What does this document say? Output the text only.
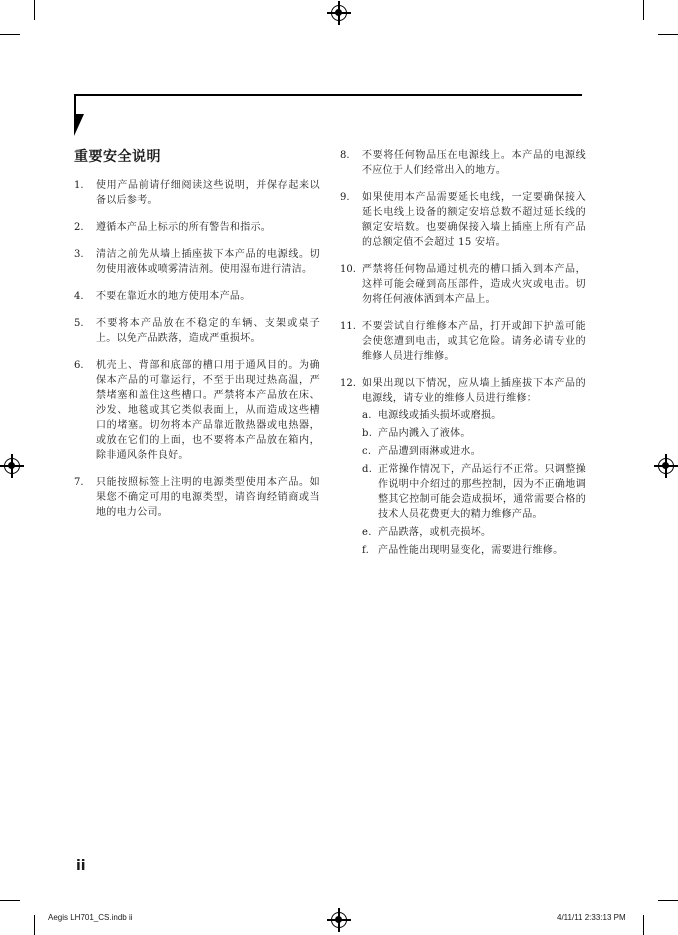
重要安全说明
1.	使用产品前请仔细阅读这些说明，并保存起来以备以后参考。
2.	遵循本产品上标示的所有警告和指示。
3.	清洁之前先从墙上插座拔下本产品的电源线。切勿使用液体或喷雾清洁剂。使用湿布进行清洁。
4.	不要在靠近水的地方使用本产品。
5.	不要将本产品放在不稳定的车辆、支架或桌子上。以免产品跌落，造成严重损坏。
6.	机壳上、背部和底部的槽口用于通风目的。为确保本产品的可靠运行，不至于出现过热高温，严禁堵塞和盖住这些槽口。严禁将本产品放在床、沙发、地毯或其它类似表面上，从而造成这些槽口的堵塞。切勿将本产品靠近散热器或电热器，或放在它们的上面，也不要将本产品放在箱内，除非通风条件良好。
7.	只能按照标签上注明的电源类型使用本产品。如果您不确定可用的电源类型，请咨询经销商或当地的电力公司。
8.	不要将任何物品压在电源线上。本产品的电源线不应位于人们经常出入的地方。
9.	如果使用本产品需要延长电线，一定要确保接入延长电线上设备的额定安培总数不超过延长线的额定安培数。也要确保接入墙上插座上所有产品的总额定值不会超过 15 安培。
10. 严禁将任何物品通过机壳的槽口插入到本产品，这样可能会碰到高压部件，造成火灾或电击。切勿将任何液体洒到本产品上。
11. 不要尝试自行维修本产品，打开或卸下护盖可能会使您遭到电击，或其它危险。请务必请专业的维修人员进行维修。
12. 如果出现以下情况，应从墙上插座拔下本产品的电源线，请专业的维修人员进行维修：
a. 电源线或插头损坏或磨损。
b. 产品内溅入了液体。
c. 产品遭到雨淋或进水。
d. 正常操作情况下，产品运行不正常。只调整操作说明中介绍过的那些控制，因为不正确地调整其它控制可能会造成损坏，通常需要合格的技术人员花费更大的精力维修产品。
e. 产品跌落，或机壳损坏。
f. 产品性能出现明显变化，需要进行维修。
ii
Aegis LH701_CS.indb ii	4/11/11 2:33:13 PM
